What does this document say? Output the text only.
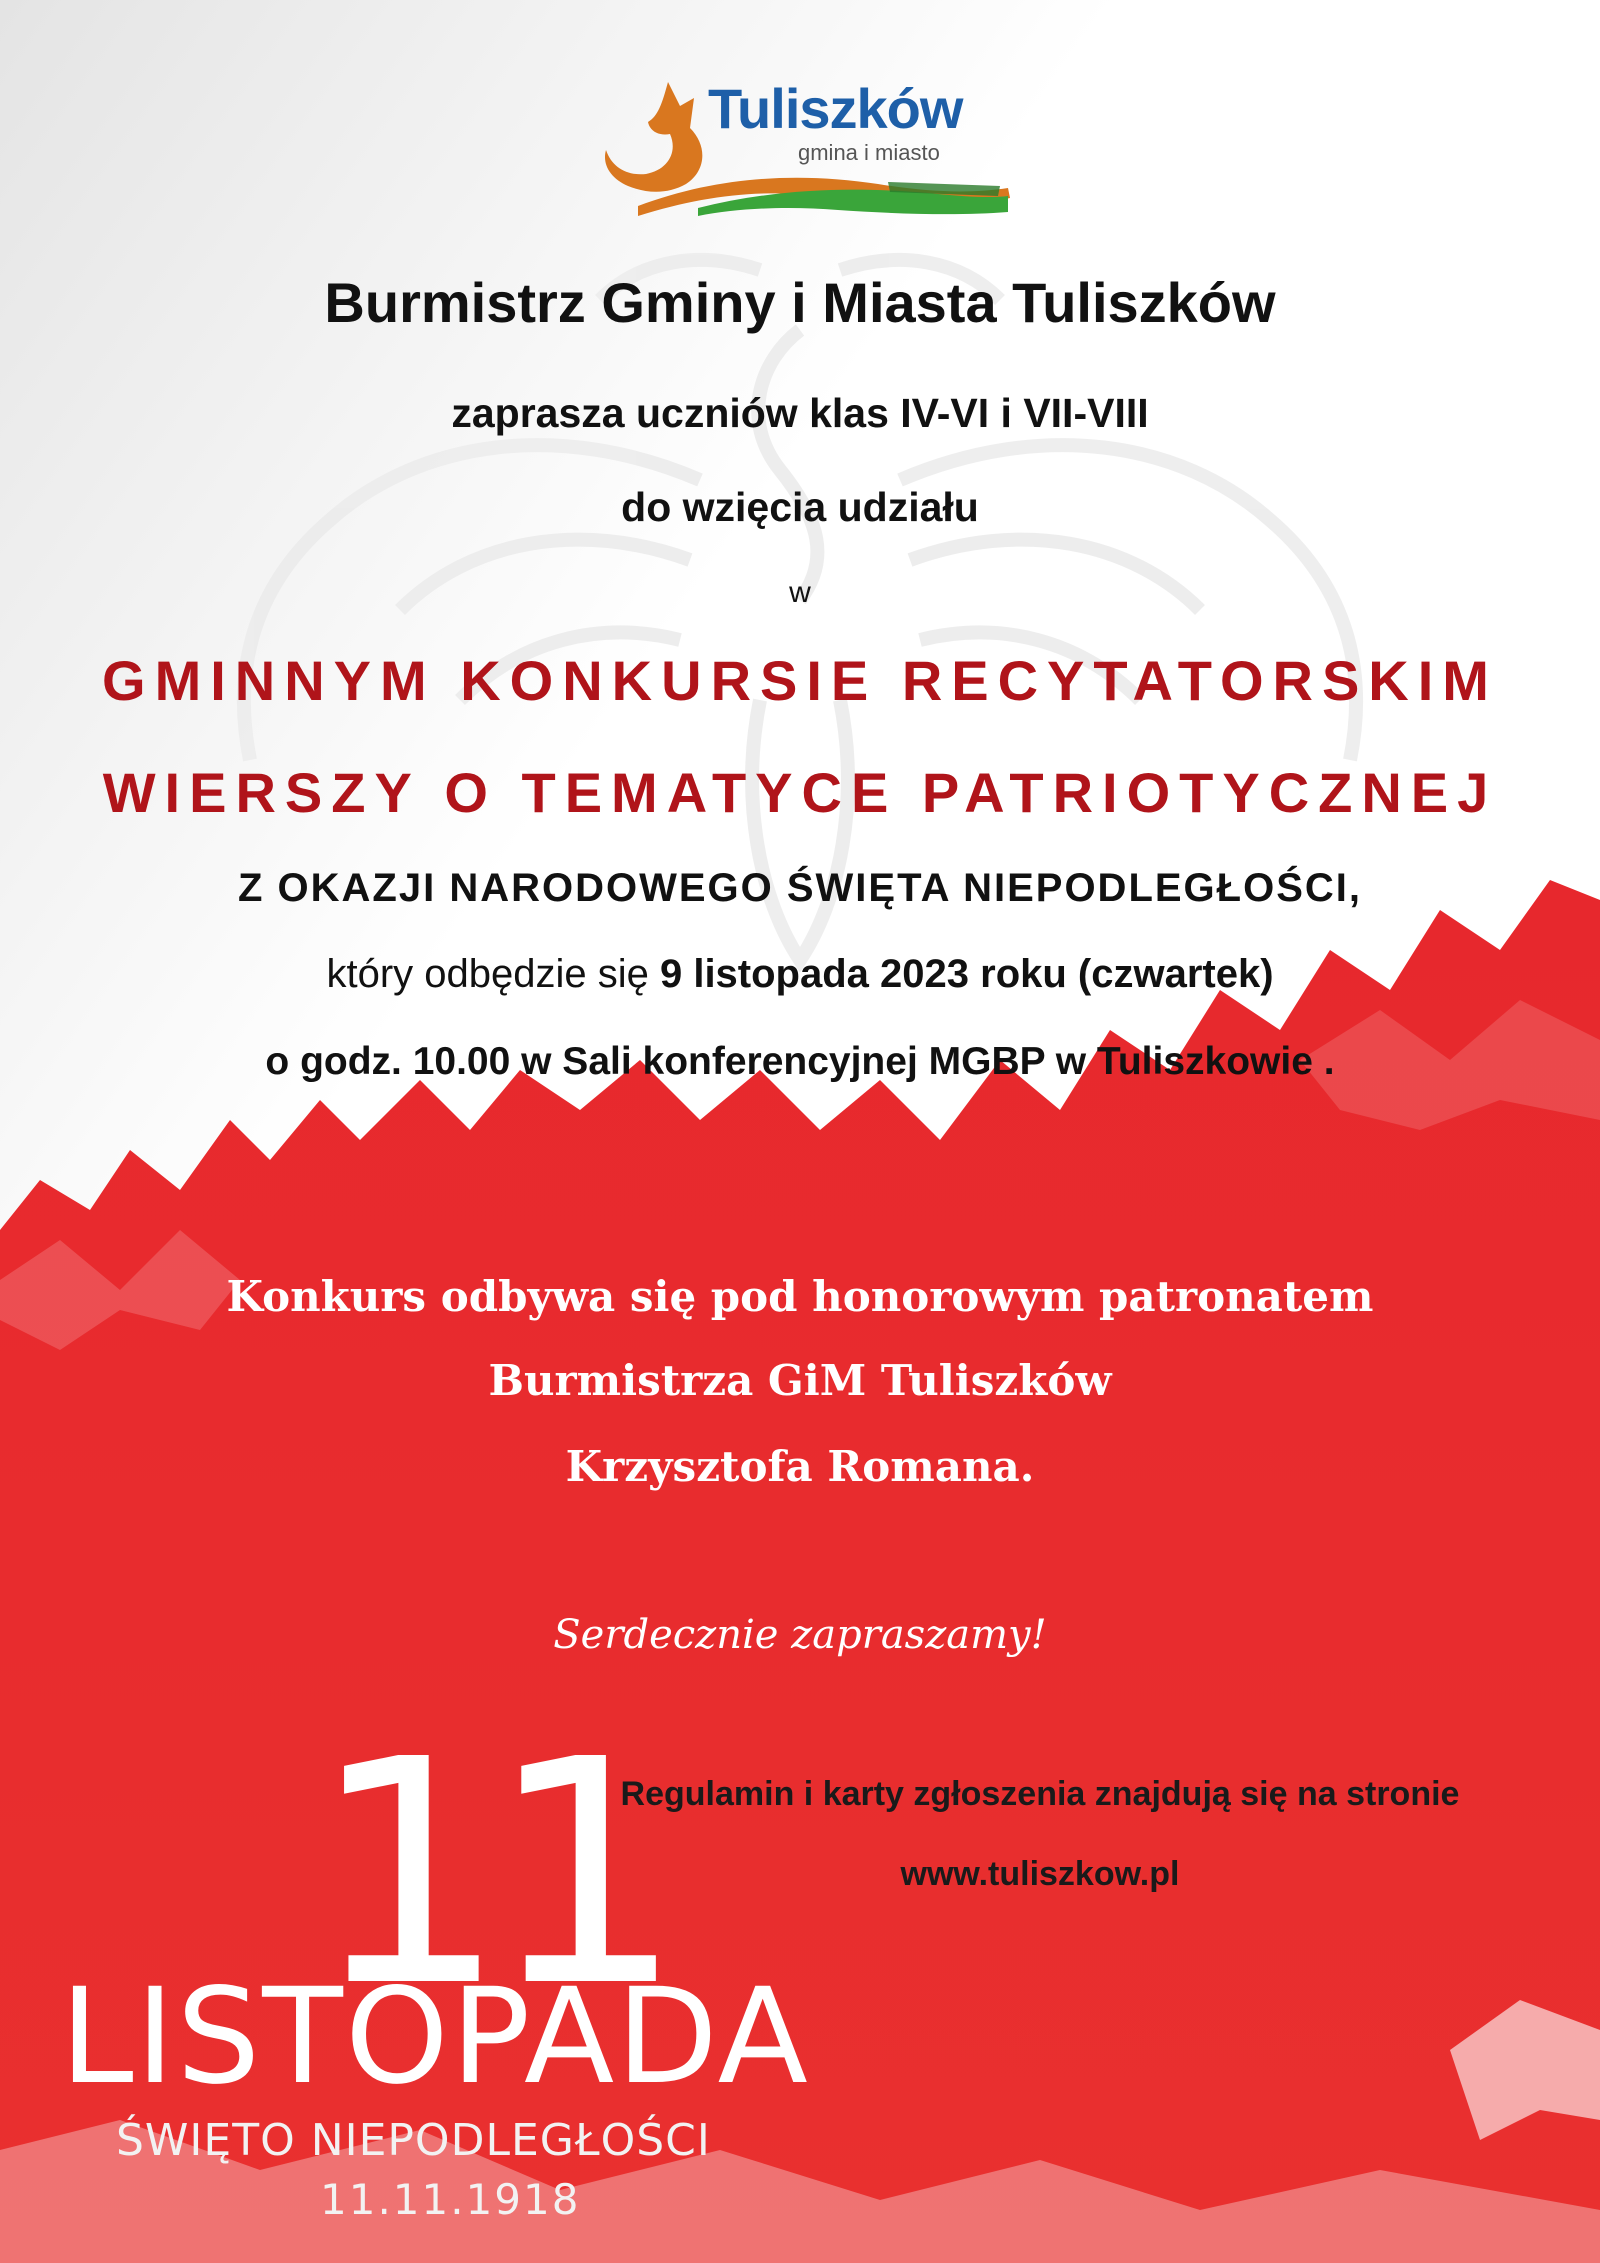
Tuliszków
gmina i miasto

Burmistrz Gminy i Miasta Tuliszków

zaprasza uczniów klas IV-VI i VII-VIII

do wzięcia udziału

w

GMINNYM KONKURSIE RECYTATORSKIM

WIERSZY O TEMATYCE PATRIOTYCZNEJ

Z OKAZJI NARODOWEGO ŚWIĘTA NIEPODLEGŁOŚCI,

który odbędzie się 9 listopada 2023 roku (czwartek)

o godz. 10.00 w Sali konferencyjnej MGBP w Tuliszkowie .

Konkurs odbywa się pod honorowym patronatem

Burmistrza GiM Tuliszków

Krzysztofa Romana.

Serdecznie zapraszamy!

11
LISTOPADA
ŚWIĘTO NIEPODLEGŁOŚCI
11.11.1918
Regulamin i karty zgłoszenia znajdują się na stronie
www.tuliszkow.pl
